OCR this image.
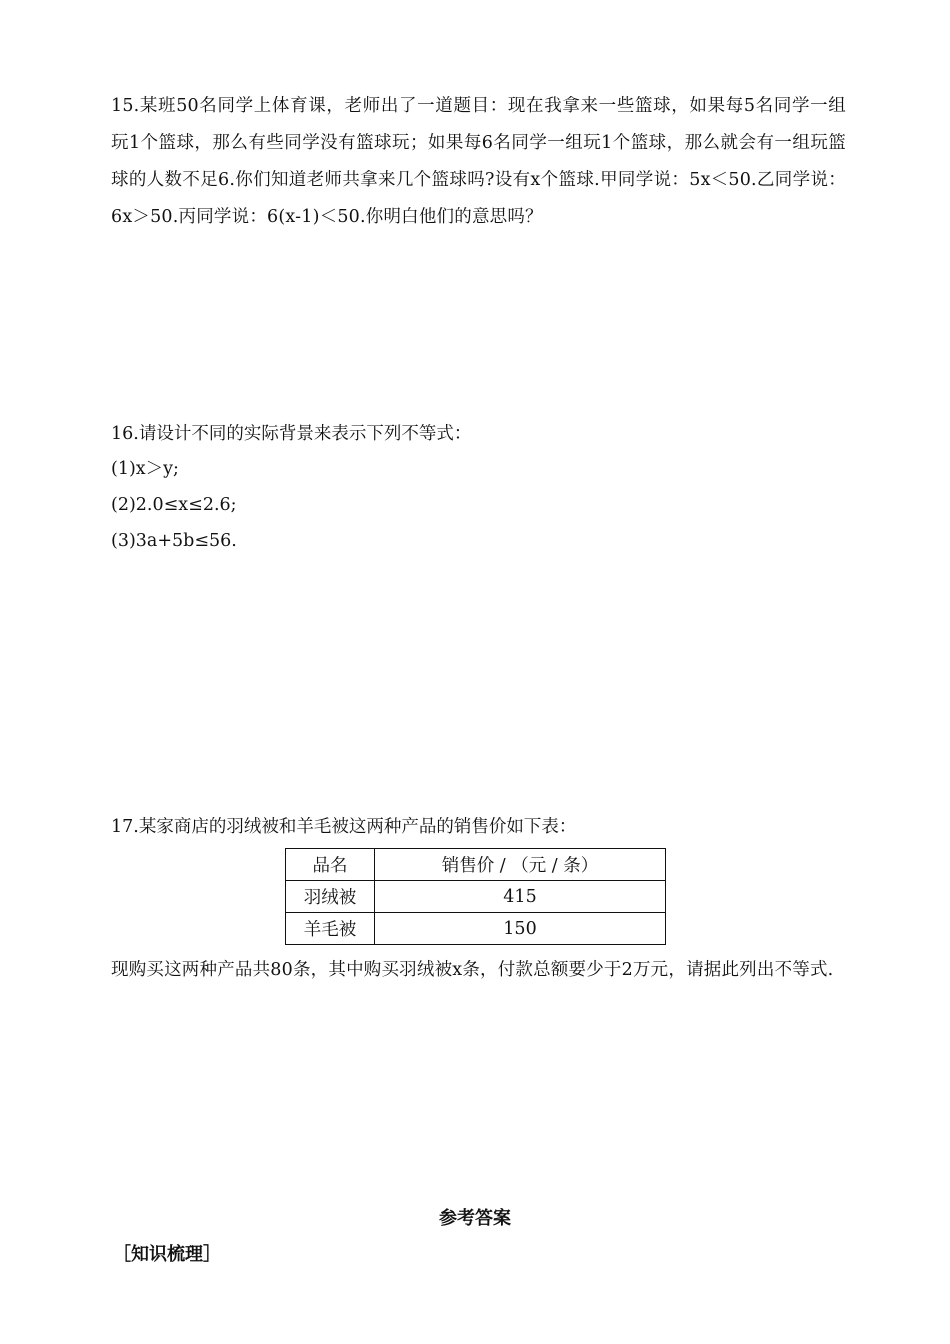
15.某班50名同学上体育课，老师出了一道题目：现在我拿来一些篮球，如果每5名同学一组玩1个篮球，那么有些同学没有篮球玩；如果每6名同学一组玩1个篮球，那么就会有一组玩篮球的人数不足6.你们知道老师共拿来几个篮球吗?设有x个篮球.甲同学说：5x＜50.乙同学说：6x＞50.丙同学说：6(x-1)＜50.你明白他们的意思吗？
16.请设计不同的实际背景来表示下列不等式：
(1)x＞y;
(2)2.0≤x≤2.6;
(3)3a+5b≤56.
17.某家商店的羽绒被和羊毛被这两种产品的销售价如下表：
品名	销售价 / （元 / 条）
羽绒被	415
羊毛被	150
现购买这两种产品共80条，其中购买羽绒被x条，付款总额要少于2万元，请据此列出不等式.
参考答案
［知识梳理］
